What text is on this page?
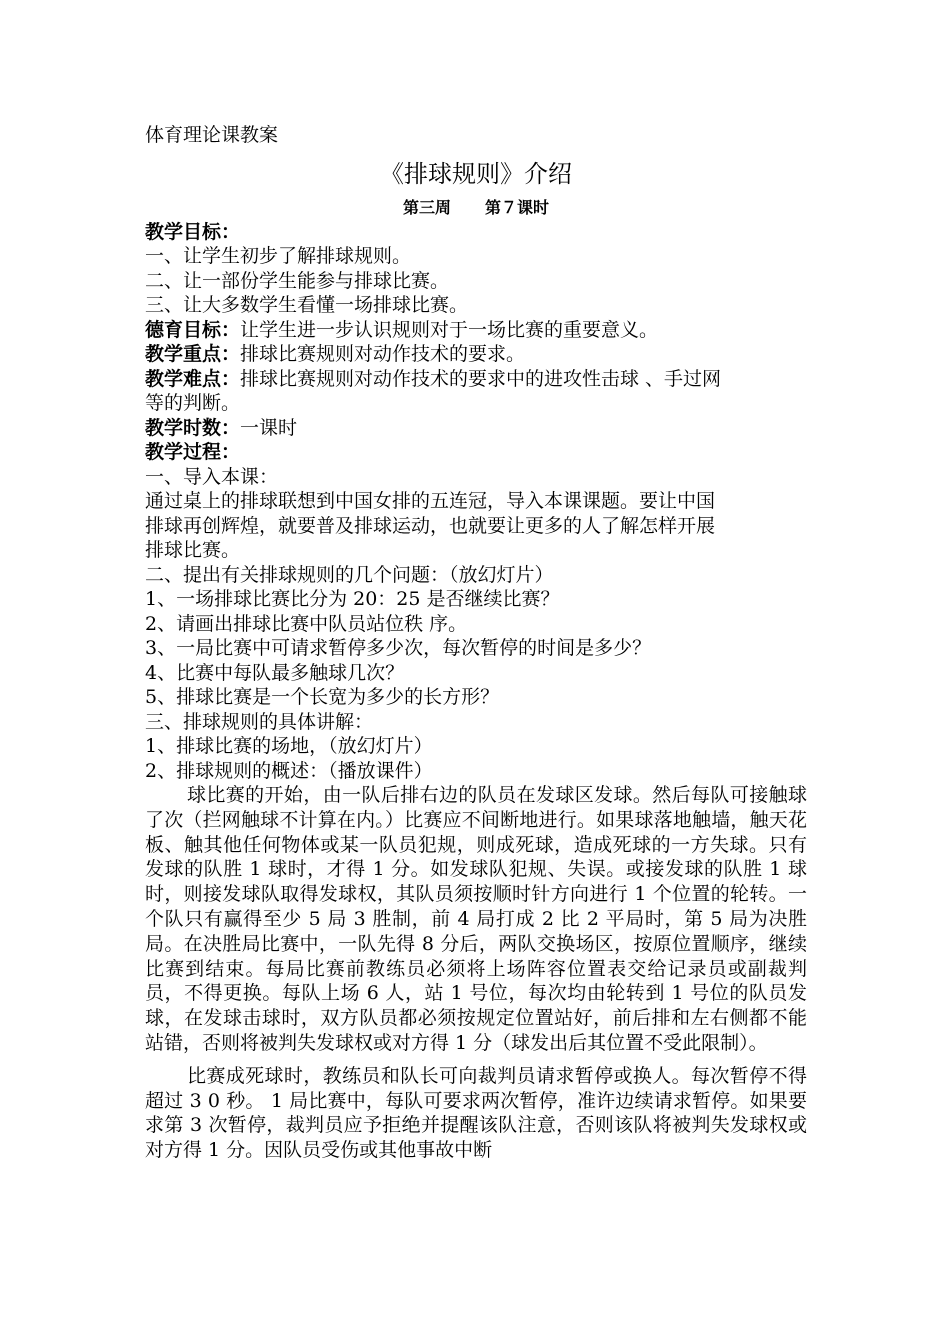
体育理论课教案
《排球规则》介绍
第三周 第７课时
教学目标：
一、让学生初步了解排球规则。
二、让一部份学生能参与排球比赛。
三、让大多数学生看懂一场排球比赛。
德育目标：让学生进一步认识规则对于一场比赛的重要意义。
教学重点：排球比赛规则对动作技术的要求。
教学难点：排球比赛规则对动作技术的要求中的进攻性击球 、手过网
等的判断。
教学时数：一课时
教学过程：
一、导入本课：
通过桌上的排球联想到中国女排的五连冠，导入本课课题。要让中国
排球再创辉煌，就要普及排球运动，也就要让更多的人了解怎样开展
排球比赛。
二、提出有关排球规则的几个问题：（放幻灯片）
1、一场排球比赛比分为 20：25 是否继续比赛？
2、请画出排球比赛中队员站位秩 序。
3、一局比赛中可请求暂停多少次，每次暂停的时间是多少？
4、比赛中每队最多触球几次？
5、排球比赛是一个长宽为多少的长方形？
三、排球规则的具体讲解：
1、排球比赛的场地，（放幻灯片）
2、排球规则的概述：（播放课件）
球比赛的开始，由一队后排右边的队员在发球区发球。然后每队可接触球了次（拦网触球不计算在内。）比赛应不间断地进行。如果球落地触墙，触天花板、触其他任何物体或某一队员犯规，则成死球，造成死球的一方失球。只有发球的队胜 1 球时，才得 1 分。如发球队犯规、失误。或接发球的队胜 1 球时，则接发球队取得发球权，其队员须按顺时针方向进行 1 个位置的轮转。一个队只有赢得至少 5 局 3 胜制，前 4 局打成 2 比 2 平局时，第 5 局为决胜局。在决胜局比赛中，一队先得 8 分后，两队交换场区，按原位置顺序，继续比赛到结束。每局比赛前教练员必须将上场阵容位置表交给记录员或副裁判员，不得更换。每队上场 6 人，站 1 号位，每次均由轮转到 1 号位的队员发球，在发球击球时，双方队员都必须按规定位置站好，前后排和左右侧都不能站错，否则将被判失发球权或对方得 1 分（球发出后其位置不受此限制）。
比赛成死球时，教练员和队长可向裁判员请求暂停或换人。每次暂停不得超过 3 0 秒。 1 局比赛中，每队可要求两次暂停，准许边续请求暂停。如果要求第 3 次暂停，裁判员应予拒绝并提醒该队注意，否则该队将被判失发球权或对方得 1 分。因队员受伤或其他事故中断
